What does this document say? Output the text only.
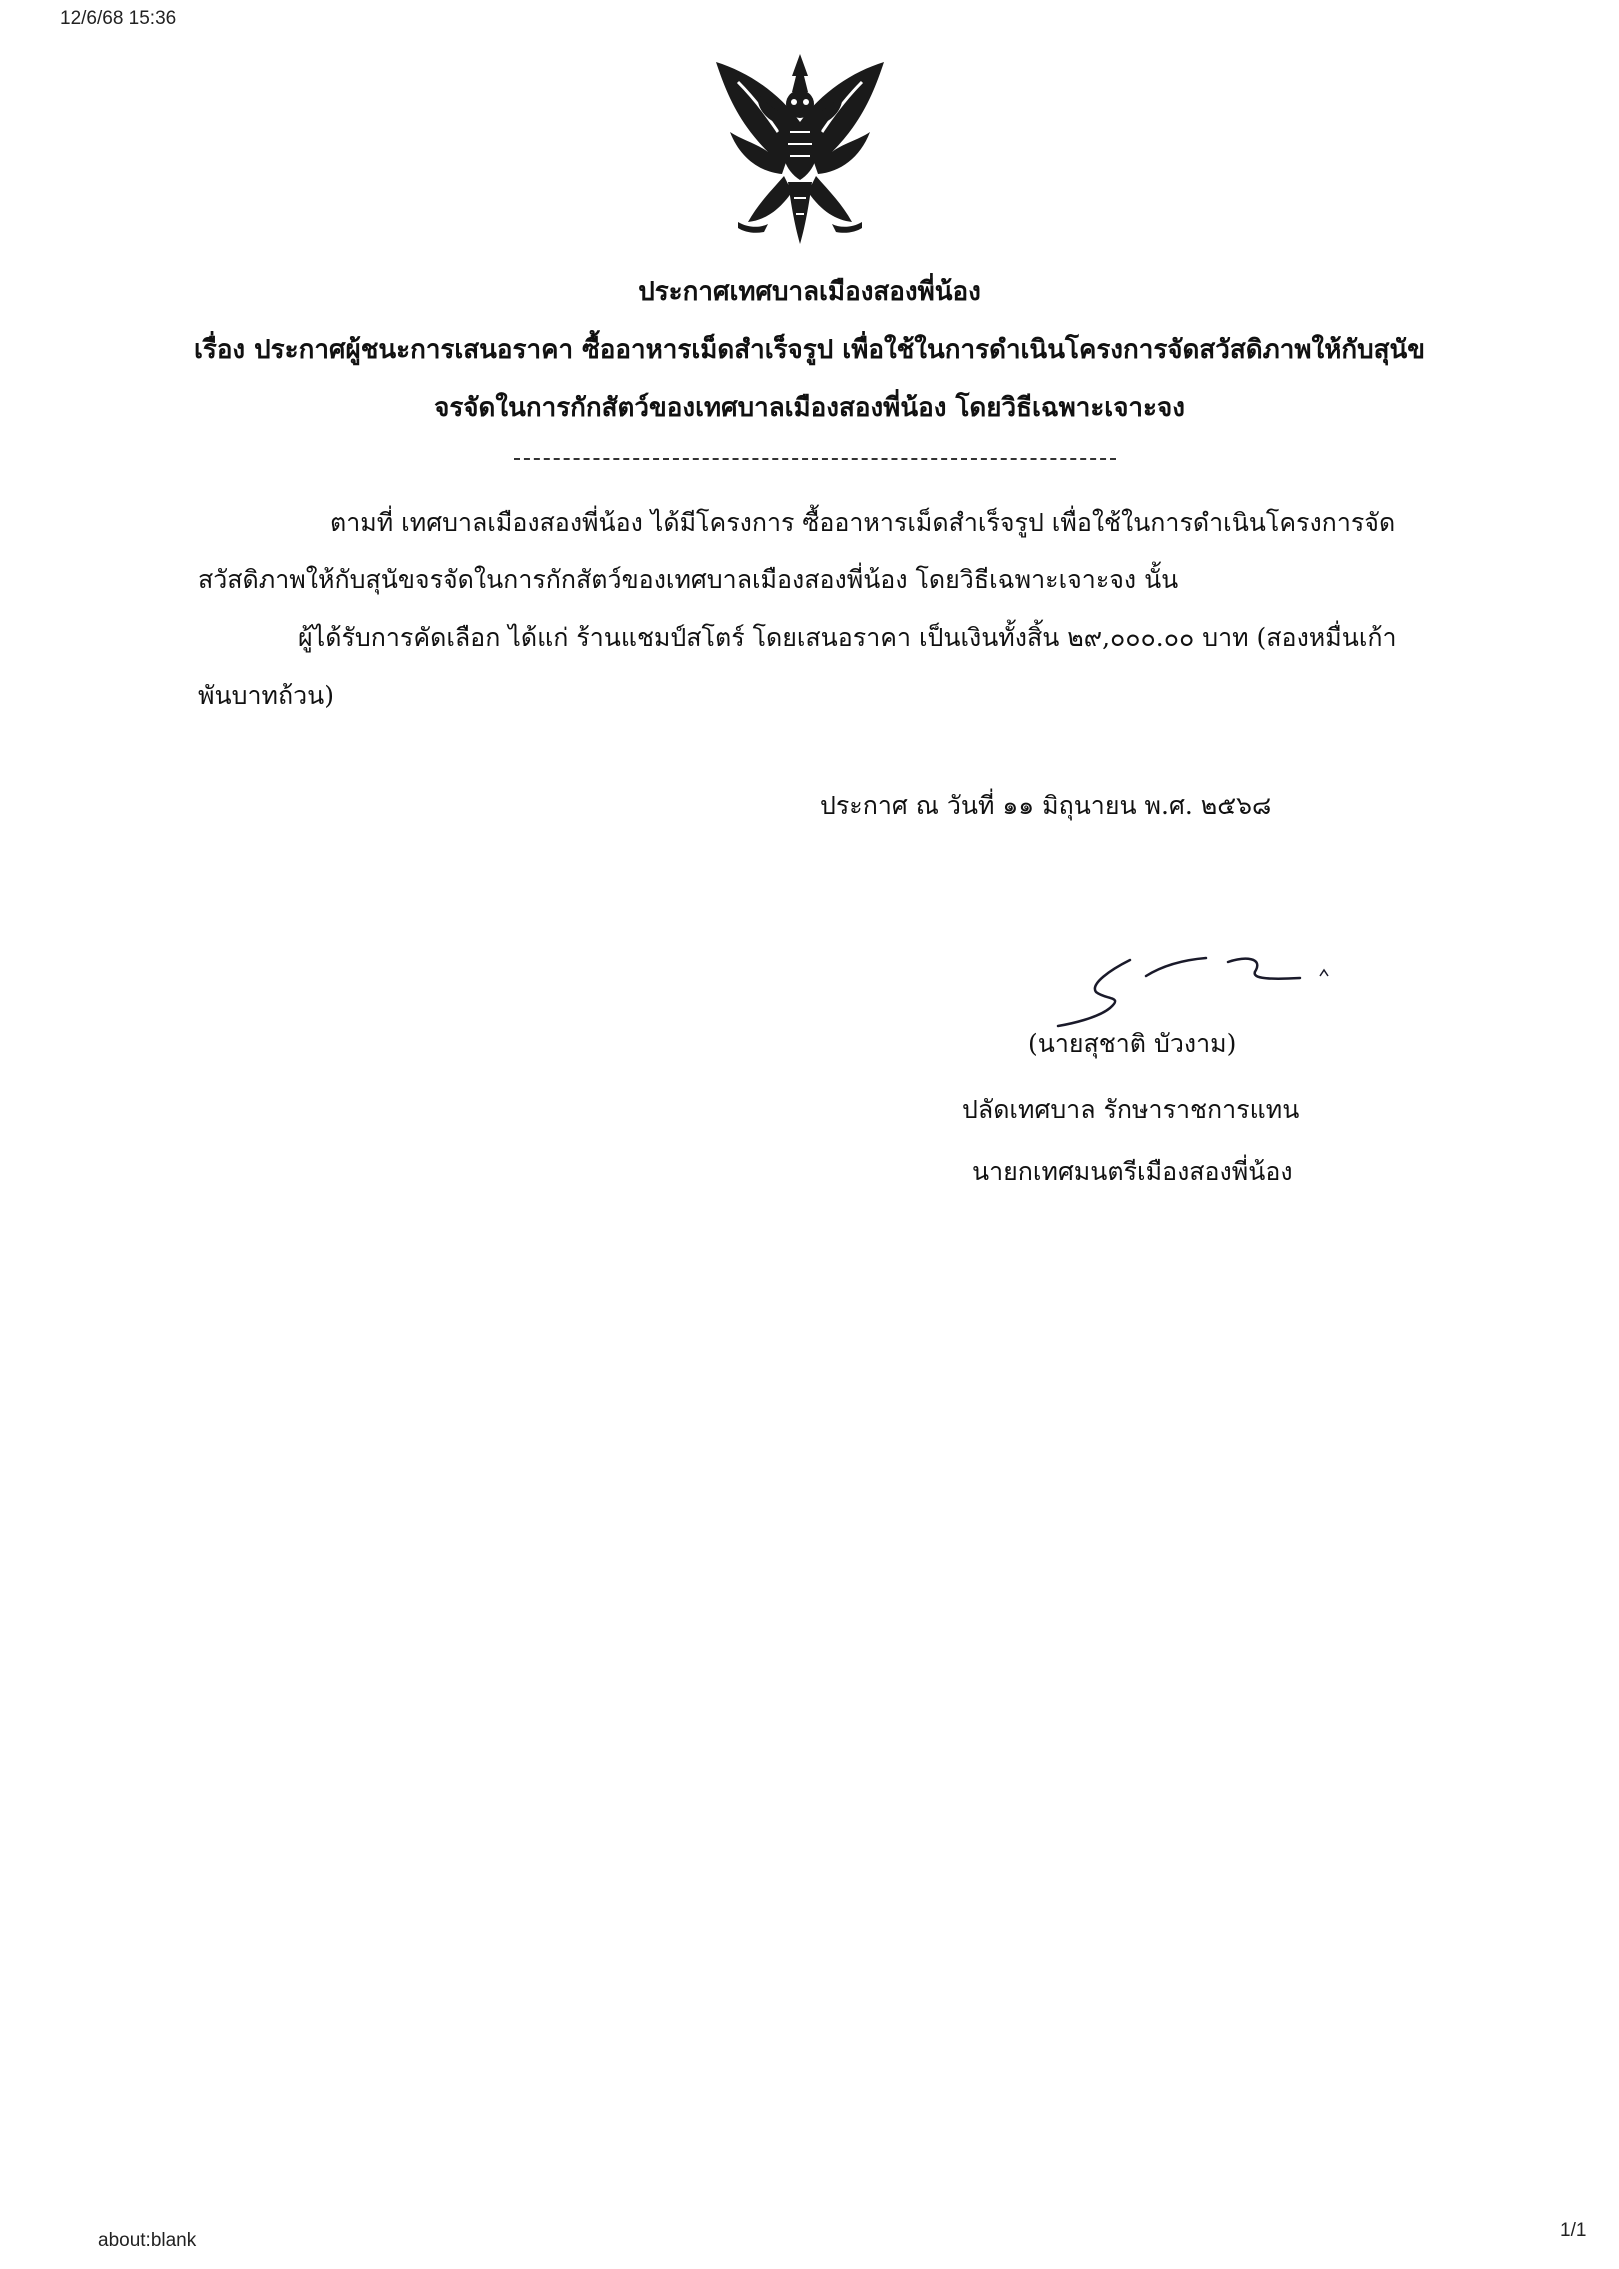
12/6/68 15:36
ประกาศเทศบาลเมืองสองพี่น้อง
เรื่อง ประกาศผู้ชนะการเสนอราคา ซื้ออาหารเม็ดสำเร็จรูป เพื่อใช้ในการดำเนินโครงการจัดสวัสดิภาพให้กับสุนัข
จรจัดในการกักสัตว์ของเทศบาลเมืองสองพี่น้อง โดยวิธีเฉพาะเจาะจง
ตามที่ เทศบาลเมืองสองพี่น้อง ได้มีโครงการ ซื้ออาหารเม็ดสำเร็จรูป เพื่อใช้ในการดำเนินโครงการจัด
สวัสดิภาพให้กับสุนัขจรจัดในการกักสัตว์ของเทศบาลเมืองสองพี่น้อง โดยวิธีเฉพาะเจาะจง นั้น
ผู้ได้รับการคัดเลือก ได้แก่ ร้านแชมป์สโตร์ โดยเสนอราคา เป็นเงินทั้งสิ้น ๒๙,๐๐๐.๐๐ บาท (สองหมื่นเก้า
พันบาทถ้วน)
ประกาศ ณ วันที่ ๑๑ มิถุนายน พ.ศ. ๒๕๖๘
(นายสุชาติ บัวงาม)
ปลัดเทศบาล รักษาราชการแทน
นายกเทศมนตรีเมืองสองพี่น้อง
about:blank	1/1
